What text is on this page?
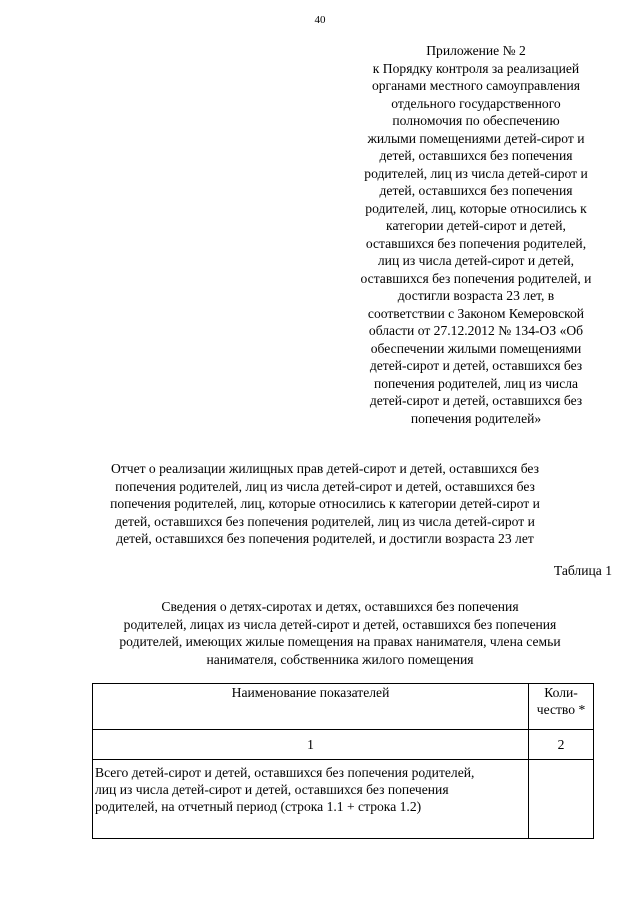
40
Приложение № 2
к Порядку контроля за реализацией
органами местного самоуправления
отдельного государственного
полномочия по обеспечению
жилыми помещениями детей-сирот и
детей, оставшихся без попечения
родителей, лиц из числа детей-сирот и
детей, оставшихся без попечения
родителей, лиц, которые относились к
категории детей-сирот и детей,
оставшихся без попечения родителей,
лиц из числа детей-сирот и детей,
оставшихся без попечения родителей, и
достигли возраста 23 лет, в
соответствии с Законом Кемеровской
области от 27.12.2012 № 134-ОЗ «Об
обеспечении жилыми помещениями
детей-сирот и детей, оставшихся без
попечения родителей, лиц из числа
детей-сирот и детей, оставшихся без
попечения родителей»
Отчет о реализации жилищных прав детей-сирот и детей, оставшихся без
попечения родителей, лиц из числа детей-сирот и детей, оставшихся без
попечения родителей, лиц, которые относились к категории детей-сирот и
детей, оставшихся без попечения родителей, лиц из числа детей-сирот и
детей, оставшихся без попечения родителей, и достигли возраста 23 лет
Таблица 1
Сведения о детях-сиротах и детях, оставшихся без попечения
родителей, лицах из числа детей-сирот и детей, оставшихся без попечения
родителей, имеющих жилые помещения на правах нанимателя, члена семьи
нанимателя, собственника жилого помещения
Наименование показателей	Коли-
чество *

1	2

Всего детей-сирот и детей, оставшихся без попечения родителей,
лиц из числа детей-сирот и детей, оставшихся без попечения
родителей, на отчетный период (строка 1.1 + строка 1.2)	
